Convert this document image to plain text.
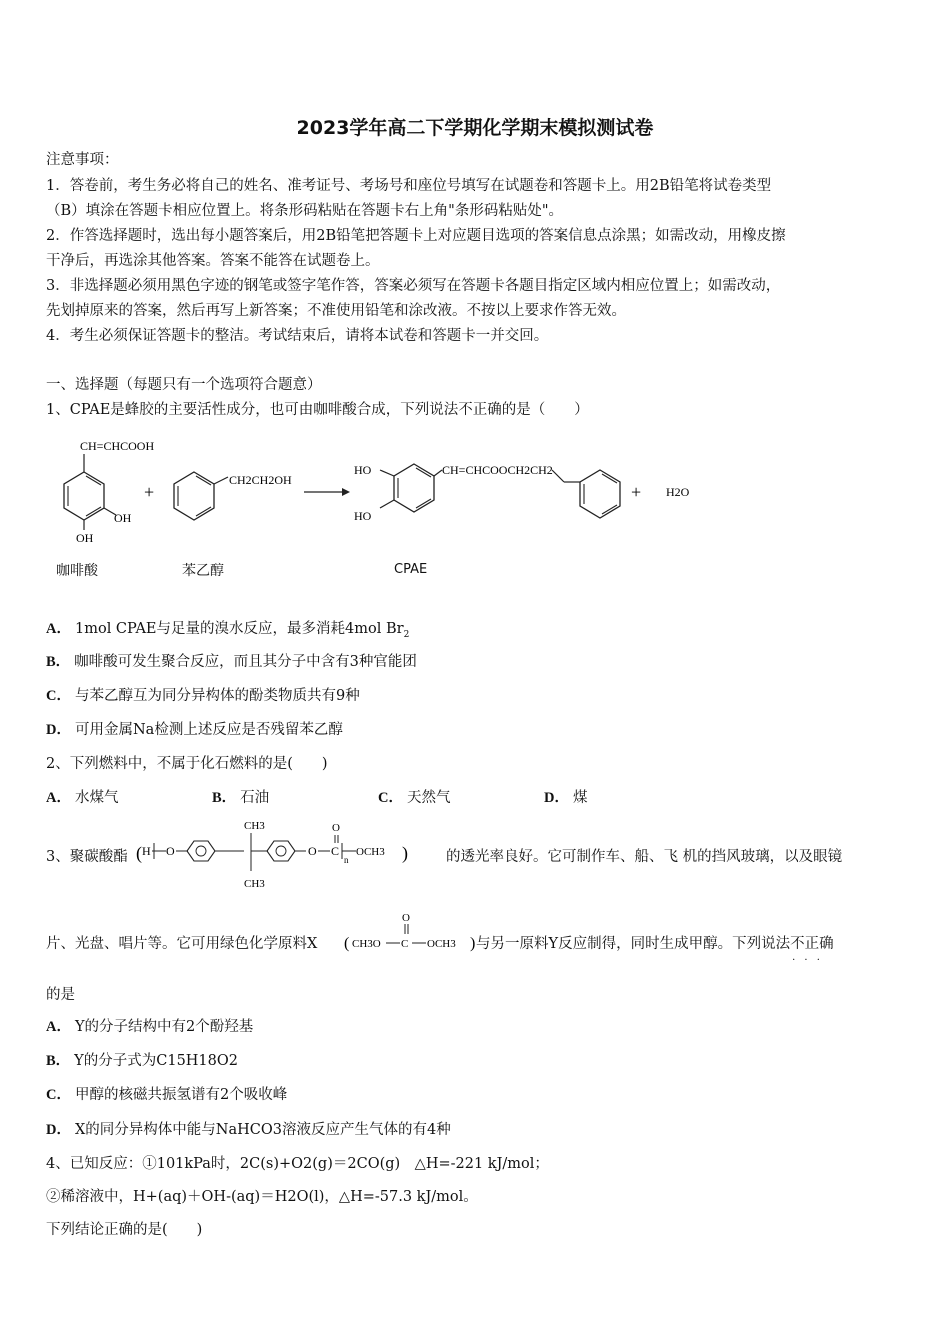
2023学年高二下学期化学期末模拟测试卷
注意事项：
1．答卷前，考生务必将自己的姓名、准考证号、考场号和座位号填写在试题卷和答题卡上。用2B铅笔将试卷类型
（B）填涂在答题卡相应位置上。将条形码粘贴在答题卡右上角"条形码粘贴处"。
2．作答选择题时，选出每小题答案后，用2B铅笔把答题卡上对应题目选项的答案信息点涂黑；如需改动，用橡皮擦
干净后，再选涂其他答案。答案不能答在试题卷上。
3．非选择题必须用黑色字迹的钢笔或签字笔作答，答案必须写在答题卡各题目指定区域内相应位置上；如需改动，
先划掉原来的答案，然后再写上新答案；不准使用铅笔和涂改液。不按以上要求作答无效。
4．考生必须保证答题卡的整洁。考试结束后，请将本试卷和答题卡一并交回。
一、选择题（每题只有一个选项符合题意）
1、CPAE是蜂胶的主要活性成分，也可由咖啡酸合成，下列说法不正确的是（　　）
CH=CHCOOH
OH
OH
+
CH2CH2OH
HO
HO
CH=CHCOOCH2CH2
+ H2O
咖啡酸	苯乙醇	CPAE
A． 1mol CPAE与足量的溴水反应，最多消耗4mol $Br_2$
B． 咖啡酸可发生聚合反应，而且其分子中含有3种官能团
C． 与苯乙醇互为同分异构体的酚类物质共有9种
D． 可用金属Na检测上述反应是否残留苯乙醇
2、下列燃料中，不属于化石燃料的是(　　)
A． 水煤气	B． 石油	C． 天然气	D． 煤
3、聚碳酸酯 ( H O
CH3
CH3
O C
O
n
OCH3 )	的透光率良好。它可制作车、船、飞 机的挡风玻璃，以及眼镜
片、光盘、唱片等。它可用绿色化学原料X ( CH3O C
O
OCH3 ) 与另一原料Y反应制得，同时生成甲醇。下列说法不正确 · · ·
的是
A． Y的分子结构中有2个酚羟基
B． Y的分子式为C15H18O2
C． 甲醇的核磁共振氢谱有2个吸收峰
D． X的同分异构体中能与NaHCO3溶液反应产生气体的有4种
4、已知反应：①101kPa时，2C(s)+O2(g)＝2CO(g)　△H=-221 kJ/mol；
②稀溶液中，H+(aq)＋OH-(aq)＝H2O(l)，△H=-57.3 kJ/mol。
下列结论正确的是(　　)
